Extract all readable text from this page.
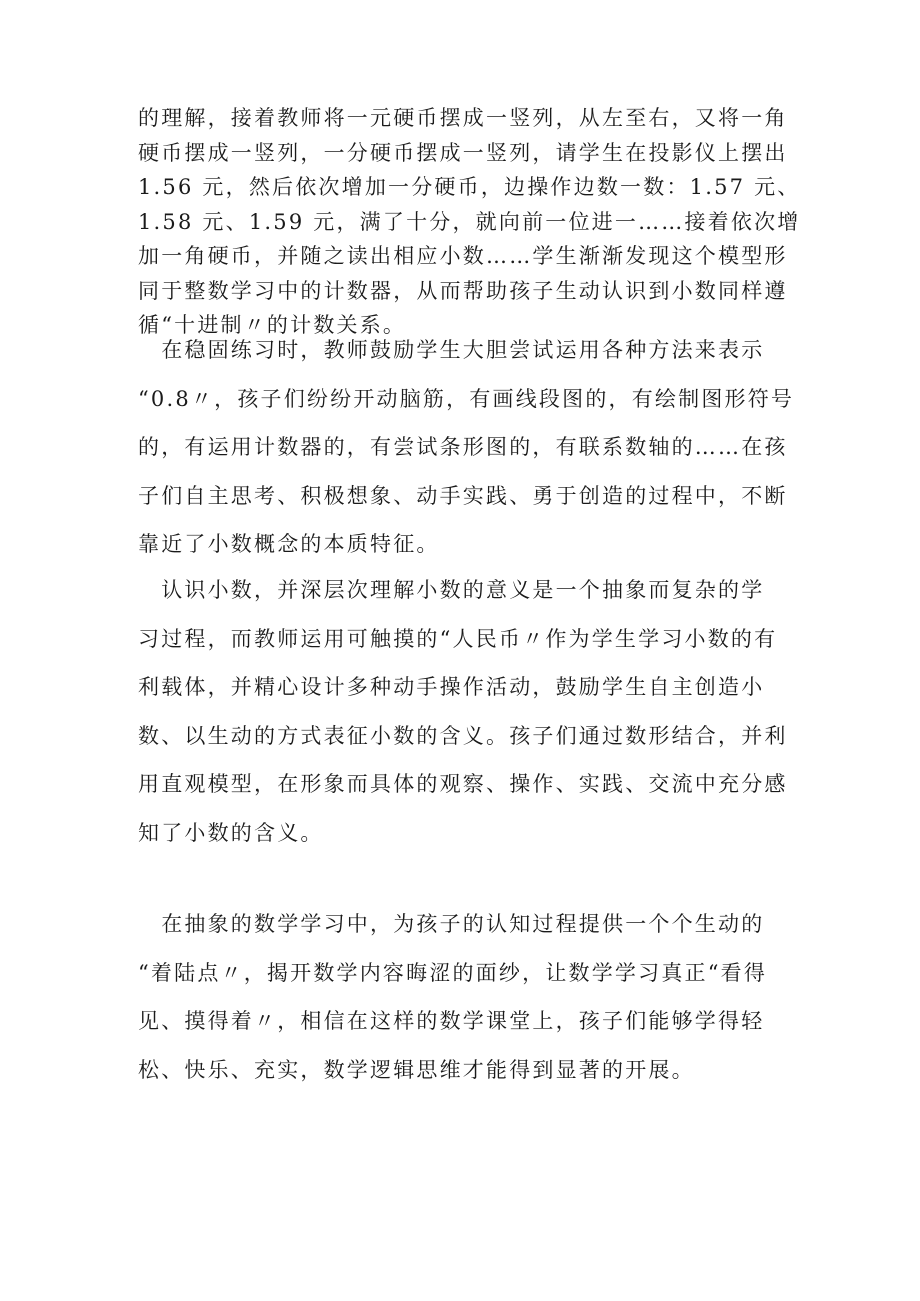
的理解，接着教师将一元硬币摆成一竖列，从左至右，又将一角
硬币摆成一竖列，一分硬币摆成一竖列，请学生在投影仪上摆出
1.56 元，然后依次增加一分硬币，边操作边数一数：1.57 元、
1.58 元、1.59 元，满了十分，就向前一位进一……接着依次增
加一角硬币，并随之读出相应小数……学生渐渐发现这个模型形
同于整数学习中的计数器，从而帮助孩子生动认识到小数同样遵
循“十进制〃的计数关系。

　在稳固练习时，教师鼓励学生大胆尝试运用各种方法来表示
“0.8〃，孩子们纷纷开动脑筋，有画线段图的，有绘制图形符号
的，有运用计数器的，有尝试条形图的，有联系数轴的……在孩
子们自主思考、积极想象、动手实践、勇于创造的过程中，不断
靠近了小数概念的本质特征。

　认识小数，并深层次理解小数的意义是一个抽象而复杂的学
习过程，而教师运用可触摸的“人民币〃作为学生学习小数的有
利载体，并精心设计多种动手操作活动，鼓励学生自主创造小
数、以生动的方式表征小数的含义。孩子们通过数形结合，并利
用直观模型，在形象而具体的观察、操作、实践、交流中充分感
知了小数的含义。

　在抽象的数学学习中，为孩子的认知过程提供一个个生动的
“着陆点〃，揭开数学内容晦涩的面纱，让数学学习真正“看得
见、摸得着〃，相信在这样的数学课堂上，孩子们能够学得轻
松、快乐、充实，数学逻辑思维才能得到显著的开展。
